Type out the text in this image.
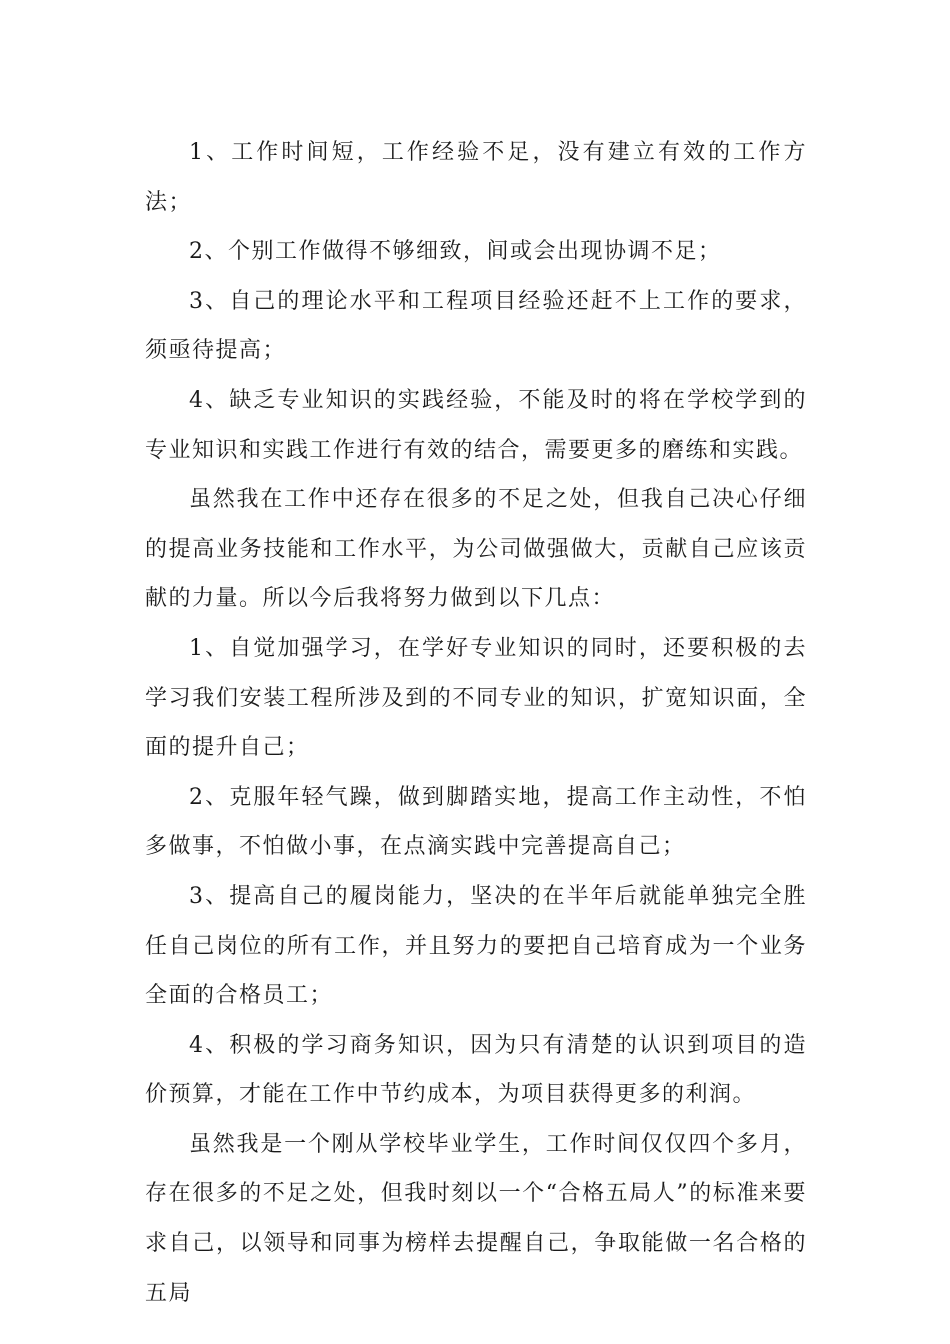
1、工作时间短，工作经验不足，没有建立有效的工作方法；

2、个别工作做得不够细致，间或会出现协调不足；

3、自己的理论水平和工程项目经验还赶不上工作的要求，须亟待提高；

4、缺乏专业知识的实践经验，不能及时的将在学校学到的专业知识和实践工作进行有效的结合，需要更多的磨练和实践。

虽然我在工作中还存在很多的不足之处，但我自己决心仔细的提高业务技能和工作水平，为公司做强做大，贡献自己应该贡献的力量。所以今后我将努力做到以下几点：

1、自觉加强学习，在学好专业知识的同时，还要积极的去学习我们安装工程所涉及到的不同专业的知识，扩宽知识面，全面的提升自己；

2、克服年轻气躁，做到脚踏实地，提高工作主动性，不怕多做事，不怕做小事，在点滴实践中完善提高自己；

3、提高自己的履岗能力，坚决的在半年后就能单独完全胜任自己岗位的所有工作，并且努力的要把自己培育成为一个业务全面的合格员工；

4、积极的学习商务知识，因为只有清楚的认识到项目的造价预算，才能在工作中节约成本，为项目获得更多的利润。

虽然我是一个刚从学校毕业学生，工作时间仅仅四个多月，存在很多的不足之处，但我时刻以一个“合格五局人”的标准来要求自己，以领导和同事为榜样去提醒自己，争取能做一名合格的五局
